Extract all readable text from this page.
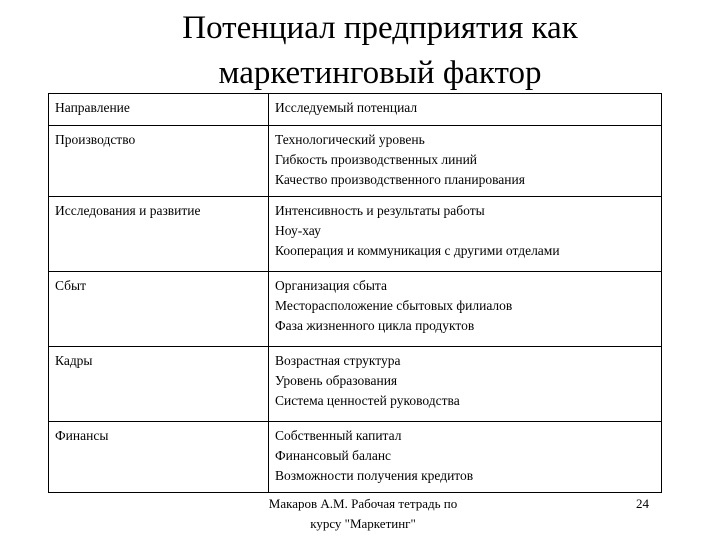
Потенциал предприятия как
маркетинговый фактор
Направление	Исследуемый потенциал
Производство	Технологический уровень
Гибкость производственных линий
Качество производственного планирования

Исследования и развитие	Интенсивность и результаты работы
Ноу-хау
Кооперация и коммуникация с другими отделами

Сбыт	Организация сбыта
Месторасположение сбытовых филиалов
Фаза жизненного цикла продуктов

Кадры	Возрастная структура
Уровень образования
Система ценностей руководства

Финансы	Собственный капитал
Финансовый баланс
Возможности получения кредитов
Макаров А.М. Рабочая тетрадь по
курсу "Маркетинг"
24
